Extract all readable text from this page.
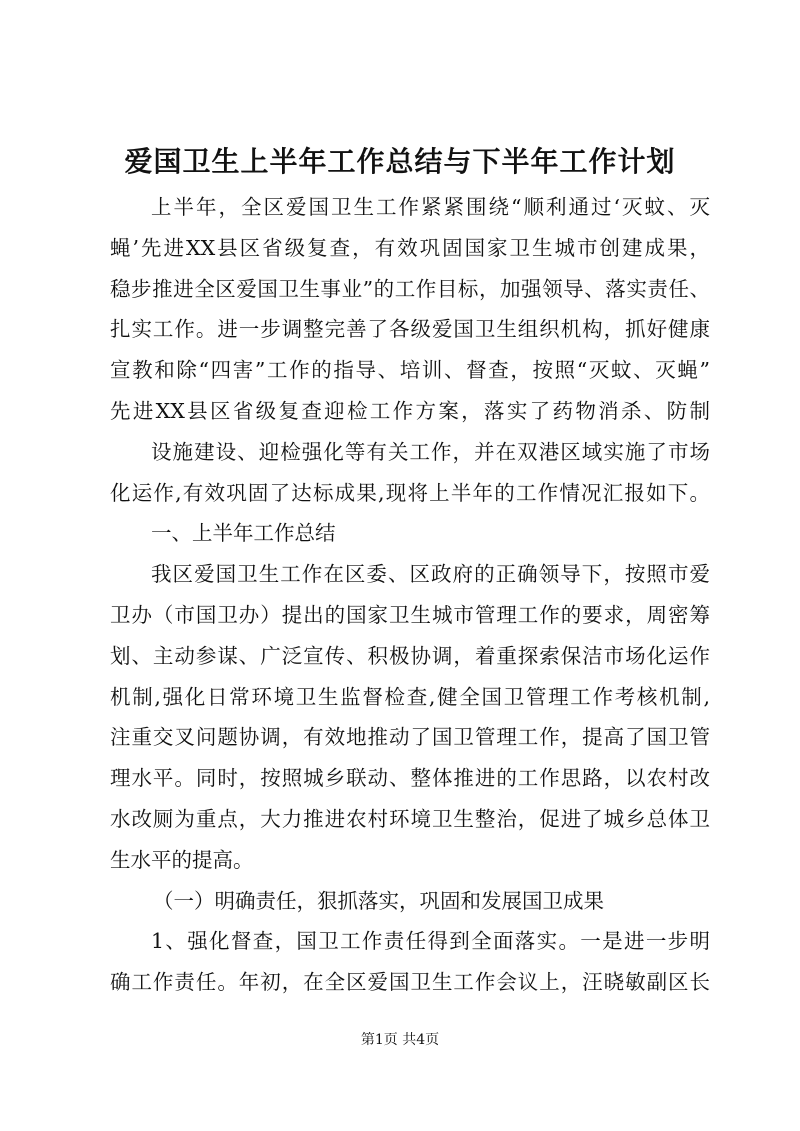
爱国卫生上半年工作总结与下半年工作计划
上半年，全区爱国卫生工作紧紧围绕“顺利通过‘灭蚊、灭
蝇’先进XX县区省级复查，有效巩固国家卫生城市创建成果，
稳步推进全区爱国卫生事业”的工作目标，加强领导、落实责任、
扎实工作。进一步调整完善了各级爱国卫生组织机构，抓好健康
宣教和除“四害”工作的指导、培训、督查，按照“灭蚊、灭蝇”
先进XX县区省级复查迎检工作方案，落实了药物消杀、防制
设施建设、迎检强化等有关工作，并在双港区域实施了市场
化运作,有效巩固了达标成果,现将上半年的工作情况汇报如下。
一、上半年工作总结
我区爱国卫生工作在区委、区政府的正确领导下，按照市爱
卫办（市国卫办）提出的国家卫生城市管理工作的要求，周密筹
划、主动参谋、广泛宣传、积极协调，着重探索保洁市场化运作
机制,强化日常环境卫生监督检查,健全国卫管理工作考核机制,
注重交叉问题协调，有效地推动了国卫管理工作，提高了国卫管
理水平。同时，按照城乡联动、整体推进的工作思路，以农村改
水改厕为重点，大力推进农村环境卫生整治，促进了城乡总体卫
生水平的提高。
（一）明确责任，狠抓落实，巩固和发展国卫成果
1、强化督查，国卫工作责任得到全面落实。一是进一步明
确工作责任。年初，在全区爱国卫生工作会议上，汪晓敏副区长
第1页 共4页
